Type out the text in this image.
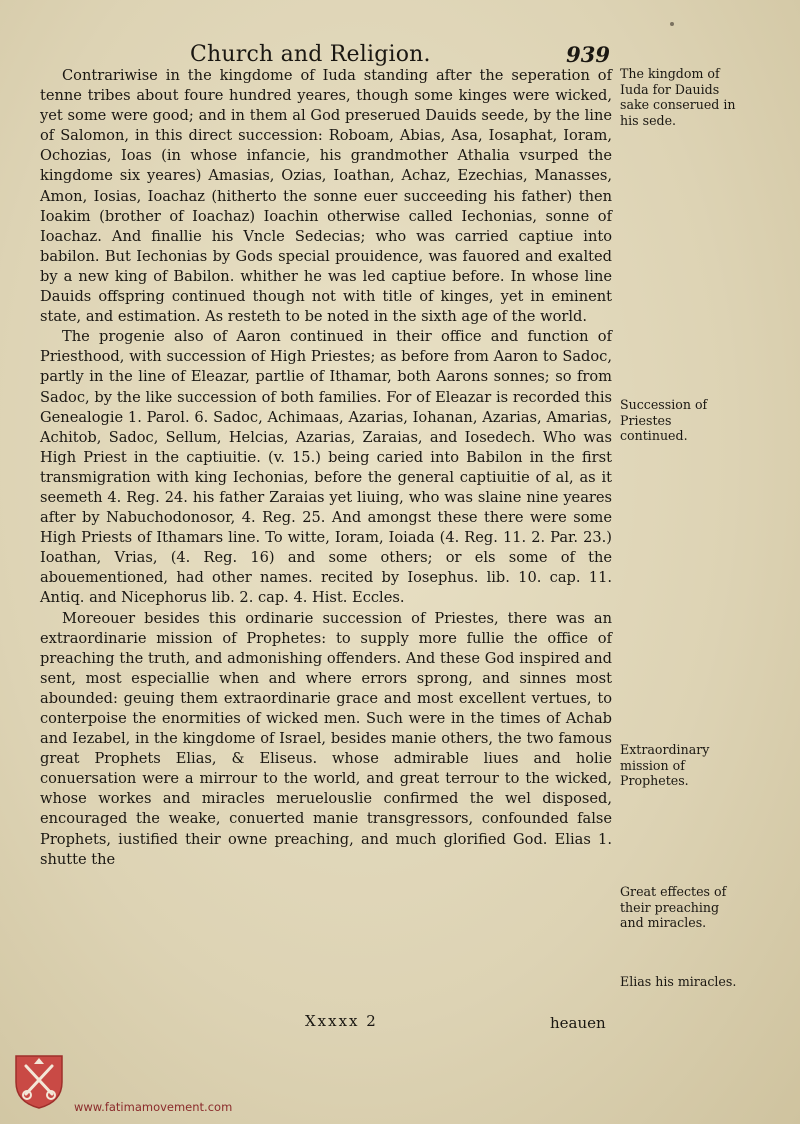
Church and Religion.	939

Contrariwise in the kingdome of Iuda standing after the seperation of tenne tribes about foure hundred yeares, though some kinges were wicked, yet some were good; and in them al God preserued Dauids seede, by the line of Salomon, in this direct succession: Roboam, Abias, Asa, Iosaphat, Ioram, Ochozias, Ioas (in whose infancie, his grandmother Athalia vsurped the kingdome six yeares) Amasias, Ozias, Ioathan, Achaz, Ezechias, Manasses, Amon, Iosias, Ioachaz (hitherto the sonne euer succeeding his father) then Ioakim (brother of Ioachaz) Ioachin otherwise called Iechonias, sonne of Ioachaz. And finallie his Vncle Sedecias; who was carried captiue into babilon. But Iechonias by Gods special prouidence, was fauored and exalted by a new king of Babilon. whither he was led captiue before. In whose line Dauids offspring continued though not with title of kinges, yet in eminent state, and estimation. As resteth to be noted in the sixth age of the world.

The progenie also of Aaron continued in their office and function of Priesthood, with succession of High Priestes; as before from Aaron to Sadoc, partly in the line of Eleazar, partlie of Ithamar, both Aarons sonnes; so from Sadoc, by the like succession of both families. For of Eleazar is recorded this Genealogie 1. Parol. 6. Sadoc, Achimaas, Azarias, Iohanan, Azarias, Amarias, Achitob, Sadoc, Sellum, Helcias, Azarias, Zaraias, and Iosedech. Who was High Priest in the captiuitie. (v. 15.) being caried into Babilon in the first transmigration with king Iechonias, before the general captiuitie of al, as it seemeth 4. Reg. 24. his father Zaraias yet liuing, who was slaine nine yeares after by Nabuchodonosor, 4. Reg. 25. And amongst these there were some High Priests of Ithamars line. To witte, Ioram, Ioiada (4. Reg. 11. 2. Par. 23.) Ioathan, Vrias, (4. Reg. 16) and some others; or els some of the abouementioned, had other names. recited by Iosephus. lib. 10. cap. 11. Antiq. and Nicephorus lib. 2. cap. 4. Hist. Eccles.

Moreouer besides this ordinarie succession of Priestes, there was an extraordinarie mission of Prophetes: to supply more fullie the office of preaching the truth, and admonishing offenders. And these God inspired and sent, most especiallie when and where errors sprong, and sinnes most abounded: geuing them extraordinarie grace and most excellent vertues, to conterpoise the enormities of wicked men. Such were in the times of Achab and Iezabel, in the kingdome of Israel, besides manie others, the two famous great Prophets Elias, & Eliseus. whose admirable liues and holie conuersation were a mirrour to the world, and great terrour to the wicked, whose workes and miracles meruelouslie confirmed the wel disposed, encouraged the weake, conuerted manie transgressors, confounded false Prophets, iustified their owne preaching, and much glorified God. Elias 1. shutte the

The kingdom of Iuda for Dauids sake conserued in his sede.
Succession of Priestes continued.
Extraordinary mission of Prophetes.
Great effectes of their preaching and miracles.
Elias his miracles.
Xxxxx 2	heauen
www.fatimamovement.com
